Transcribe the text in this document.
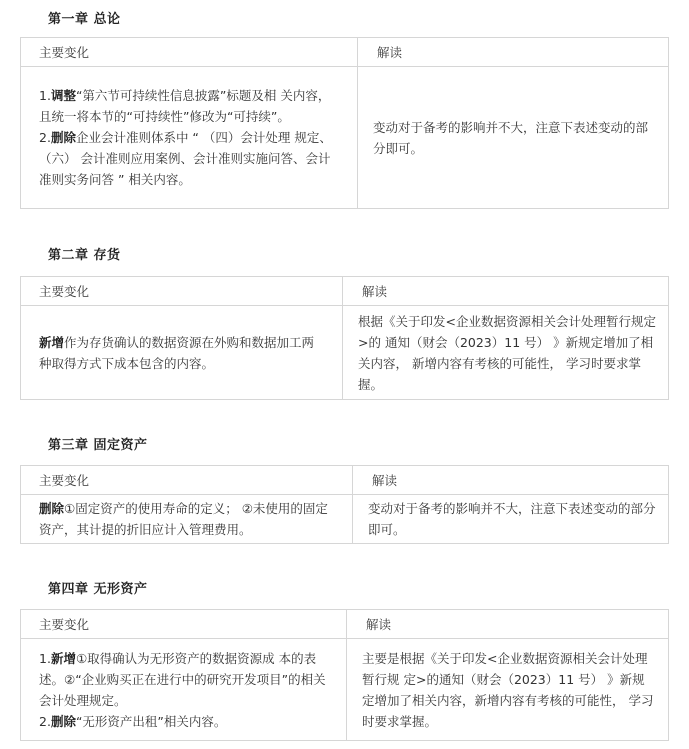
第一章 总论
主要变化	解读
1.调整“第六节可持续性信息披露”标题及相 关内容，且统一将本节的“可持续性”修改为“可持续”。
2.删除企业会计准则体系中 “ （四）会计处理 规定、（六） 会计准则应用案例、会计准则实施问答、会计准则实务问答 ” 相关内容。	变动对于备考的影响并不大，注意下表述变动的部分即可。
第二章 存货
主要变化	解读
新增作为存货确认的数据资源在外购和数据加工两种取得方式下成本包含的内容。	根据《关于印发<企业数据资源相关会计处理暂行规定>的 通知（财会（2023）11 号） 》新规定增加了相关内容， 新增内容有考核的可能性， 学习时要求掌握。
第三章 固定资产
主要变化	解读
删除①固定资产的使用寿命的定义； ②未使用的固定资产，其计提的折旧应计入管理费用。	变动对于备考的影响并不大，注意下表述变动的部分即可。
第四章 无形资产
主要变化	解读
1.新增①取得确认为无形资产的数据资源成 本的表述。②“企业购买正在进行中的研究开发项目”的相关会计处理规定。
2.删除“无形资产出租”相关内容。	主要是根据《关于印发<企业数据资源相关会计处理暂行规 定>的通知（财会（2023）11 号） 》新规定增加了相关内容，新增内容有考核的可能性， 学习时要求掌握。
